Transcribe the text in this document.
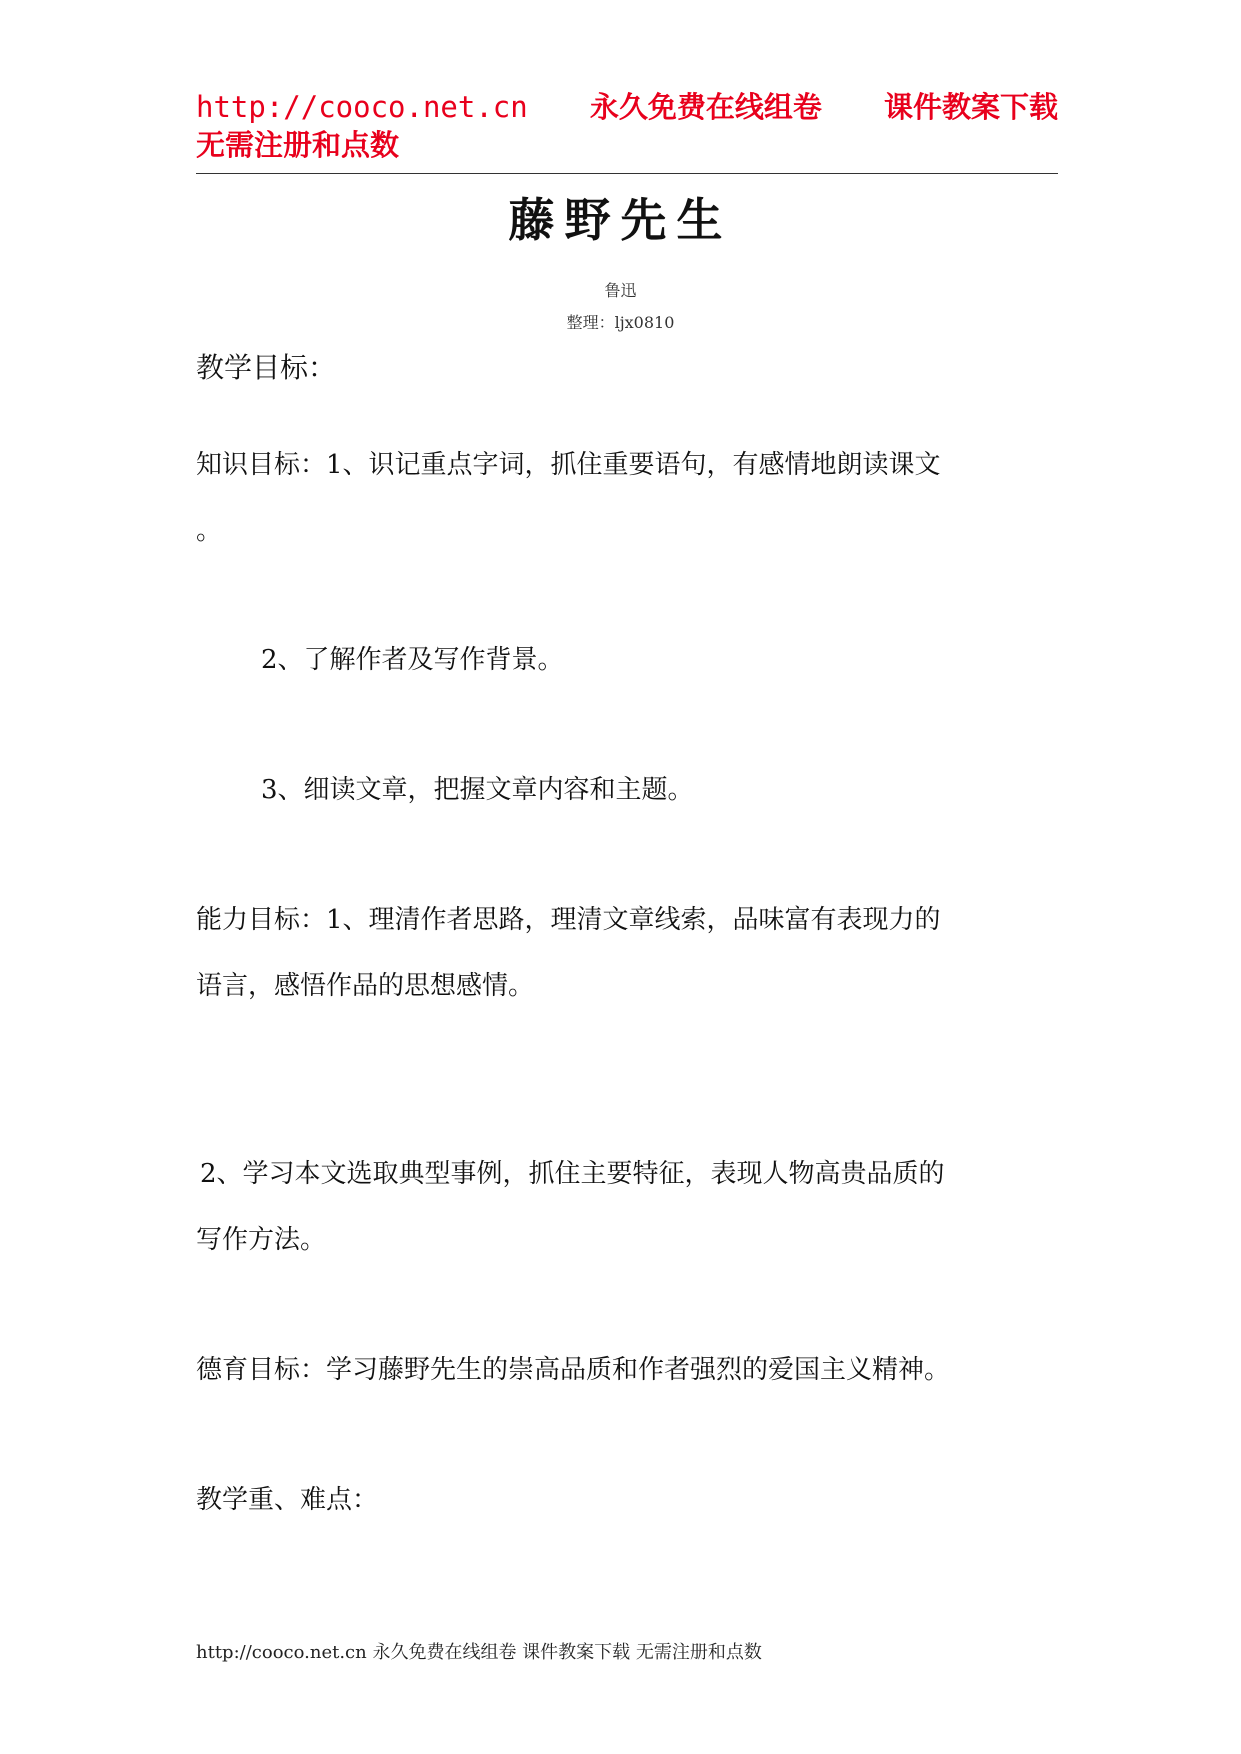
http://cooco.net.cn 永久免费在线组卷 课件教案下载
无需注册和点数
藤野先生
鲁迅
整理：ljx0810
教学目标：
知识目标：1、识记重点字词，抓住重要语句，有感情地朗读课文
。
2、了解作者及写作背景。
3、细读文章，把握文章内容和主题。
能力目标：1、理清作者思路，理清文章线索，品味富有表现力的
语言，感悟作品的思想感情。
2、学习本文选取典型事例，抓住主要特征，表现人物高贵品质的
写作方法。
德育目标：学习藤野先生的崇高品质和作者强烈的爱国主义精神。
教学重、难点：
http://cooco.net.cn 永久免费在线组卷 课件教案下载 无需注册和点数
